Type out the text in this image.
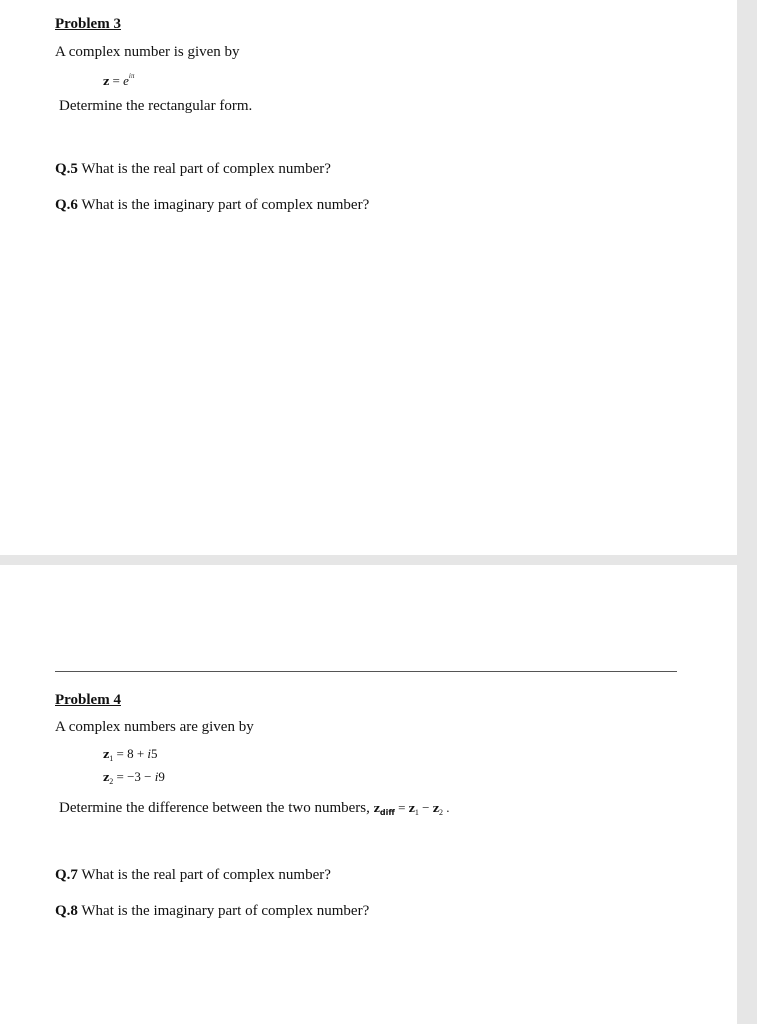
Problem 3
A complex number is given by
$z = e^{i\pi}$
Determine the rectangular form.
Q.5 What is the real part of complex number?
Q.6 What is the imaginary part of complex number?
Problem 4
A complex numbers are given by
$z_1 = 8 + i5$
$z_2 = -3 - i9$
Determine the difference between the two numbers, $z_{diff} = z_1 - z_2$ .
Q.7 What is the real part of complex number?
Q.8 What is the imaginary part of complex number?
